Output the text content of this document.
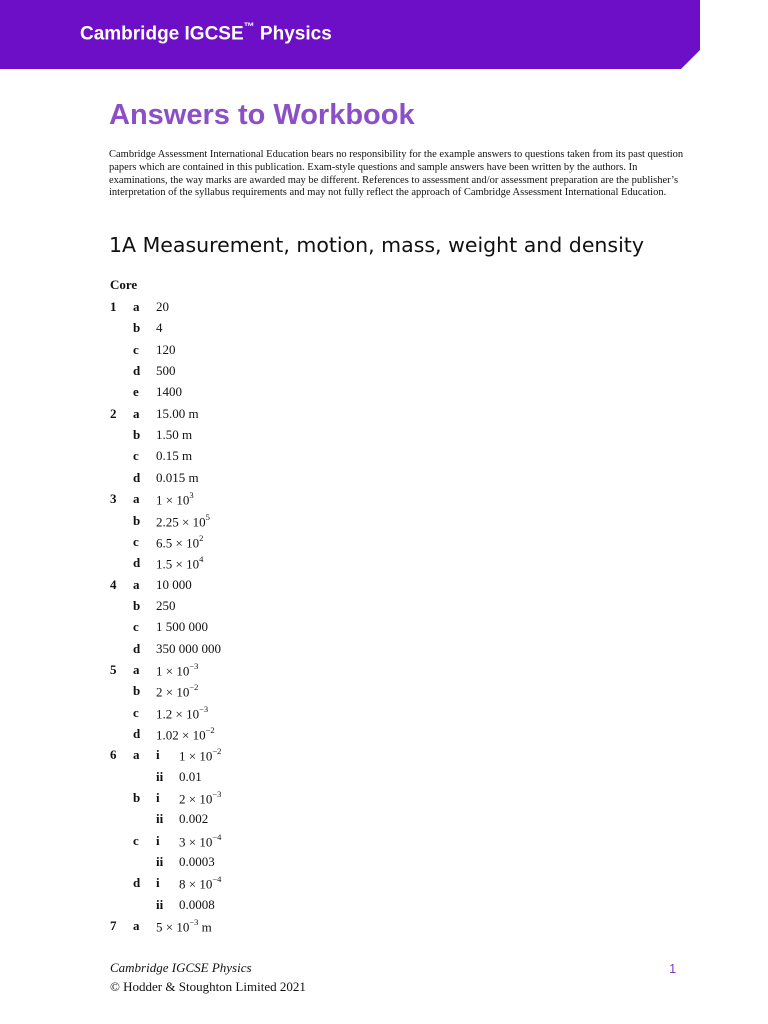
Cambridge IGCSE™ Physics
Answers to Workbook
Cambridge Assessment International Education bears no responsibility for the example answers to questions taken from its past question papers which are contained in this publication. Exam-style questions and sample answers have been written by the authors. In examinations, the way marks are awarded may be different. References to assessment and/or assessment preparation are the publisher’s interpretation of the syllabus requirements and may not fully reflect the approach of Cambridge Assessment International Education.
1A Measurement, motion, mass, weight and density
Core
1 a 20
b 4
c 120
d 500
e 1400
2 a 15.00 m
b 1.50 m
c 0.15 m
d 0.015 m
3 a $1 \times 10^3$
b $2.25 \times 10^5$
c $6.5 \times 10^2$
d $1.5 \times 10^4$
4 a 10 000
b 250
c 1 500 000
d 350 000 000
5 a $1 \times 10^{-3}$
b $2 \times 10^{-2}$
c $1.2 \times 10^{-3}$
d $1.02 \times 10^{-2}$
6 a i $1 \times 10^{-2}$
ii 0.01
b i $2 \times 10^{-3}$
ii 0.002
c i $3 \times 10^{-4}$
ii 0.0003
d i $8 \times 10^{-4}$
ii 0.0008
7 a $5 \times 10^{-3}$ m
Cambridge IGCSE Physics
© Hodder & Stoughton Limited 2021
1
